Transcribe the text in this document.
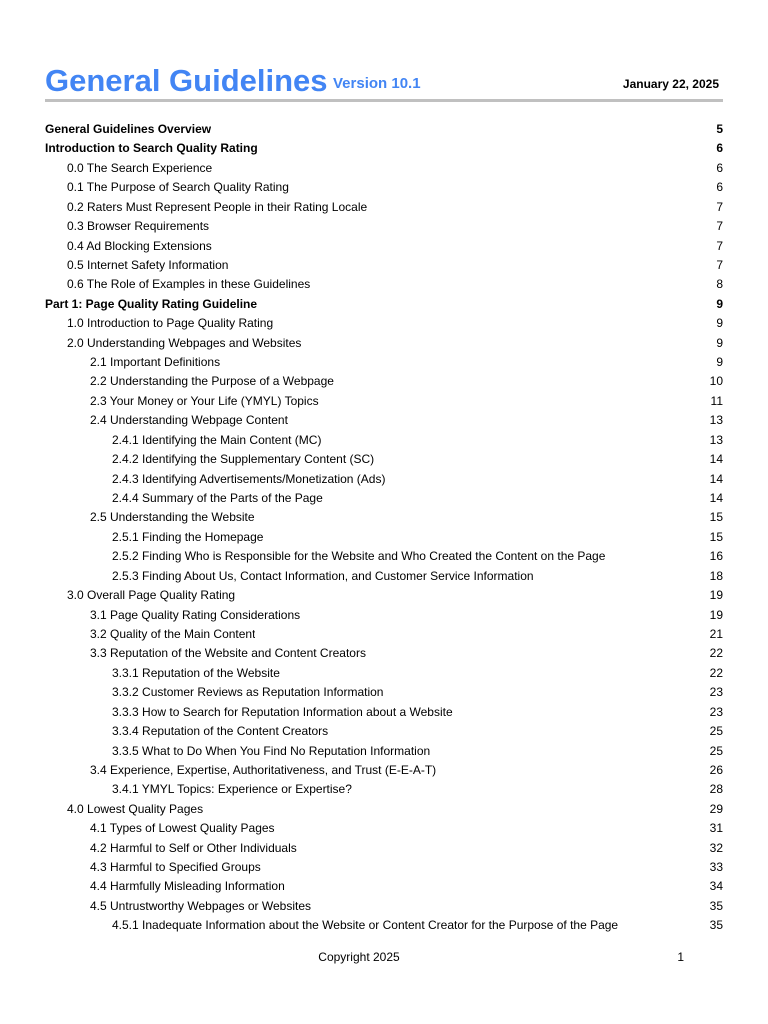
General Guidelines Version 10.1	January 22, 2025
General Guidelines Overview	5
Introduction to Search Quality Rating	6
0.0 The Search Experience	6
0.1 The Purpose of Search Quality Rating	6
0.2 Raters Must Represent People in their Rating Locale	7
0.3 Browser Requirements	7
0.4 Ad Blocking Extensions	7
0.5 Internet Safety Information	7
0.6 The Role of Examples in these Guidelines	8
Part 1: Page Quality Rating Guideline	9
1.0 Introduction to Page Quality Rating	9
2.0 Understanding Webpages and Websites	9
2.1 Important Definitions	9
2.2 Understanding the Purpose of a Webpage	10
2.3 Your Money or Your Life (YMYL) Topics	11
2.4 Understanding Webpage Content	13
2.4.1 Identifying the Main Content (MC)	13
2.4.2 Identifying the Supplementary Content (SC)	14
2.4.3 Identifying Advertisements/Monetization (Ads)	14
2.4.4 Summary of the Parts of the Page	14
2.5 Understanding the Website	15
2.5.1 Finding the Homepage	15
2.5.2 Finding Who is Responsible for the Website and Who Created the Content on the Page	16
2.5.3 Finding About Us, Contact Information, and Customer Service Information	18
3.0 Overall Page Quality Rating	19
3.1 Page Quality Rating Considerations	19
3.2 Quality of the Main Content	21
3.3 Reputation of the Website and Content Creators	22
3.3.1 Reputation of the Website	22
3.3.2 Customer Reviews as Reputation Information	23
3.3.3 How to Search for Reputation Information about a Website	23
3.3.4 Reputation of the Content Creators	25
3.3.5 What to Do When You Find No Reputation Information	25
3.4 Experience, Expertise, Authoritativeness, and Trust (E-E-A-T)	26
3.4.1 YMYL Topics: Experience or Expertise?	28
4.0 Lowest Quality Pages	29
4.1 Types of Lowest Quality Pages	31
4.2 Harmful to Self or Other Individuals	32
4.3 Harmful to Specified Groups	33
4.4 Harmfully Misleading Information	34
4.5 Untrustworthy Webpages or Websites	35
4.5.1 Inadequate Information about the Website or Content Creator for the Purpose of the Page	35
Copyright 2025	1
